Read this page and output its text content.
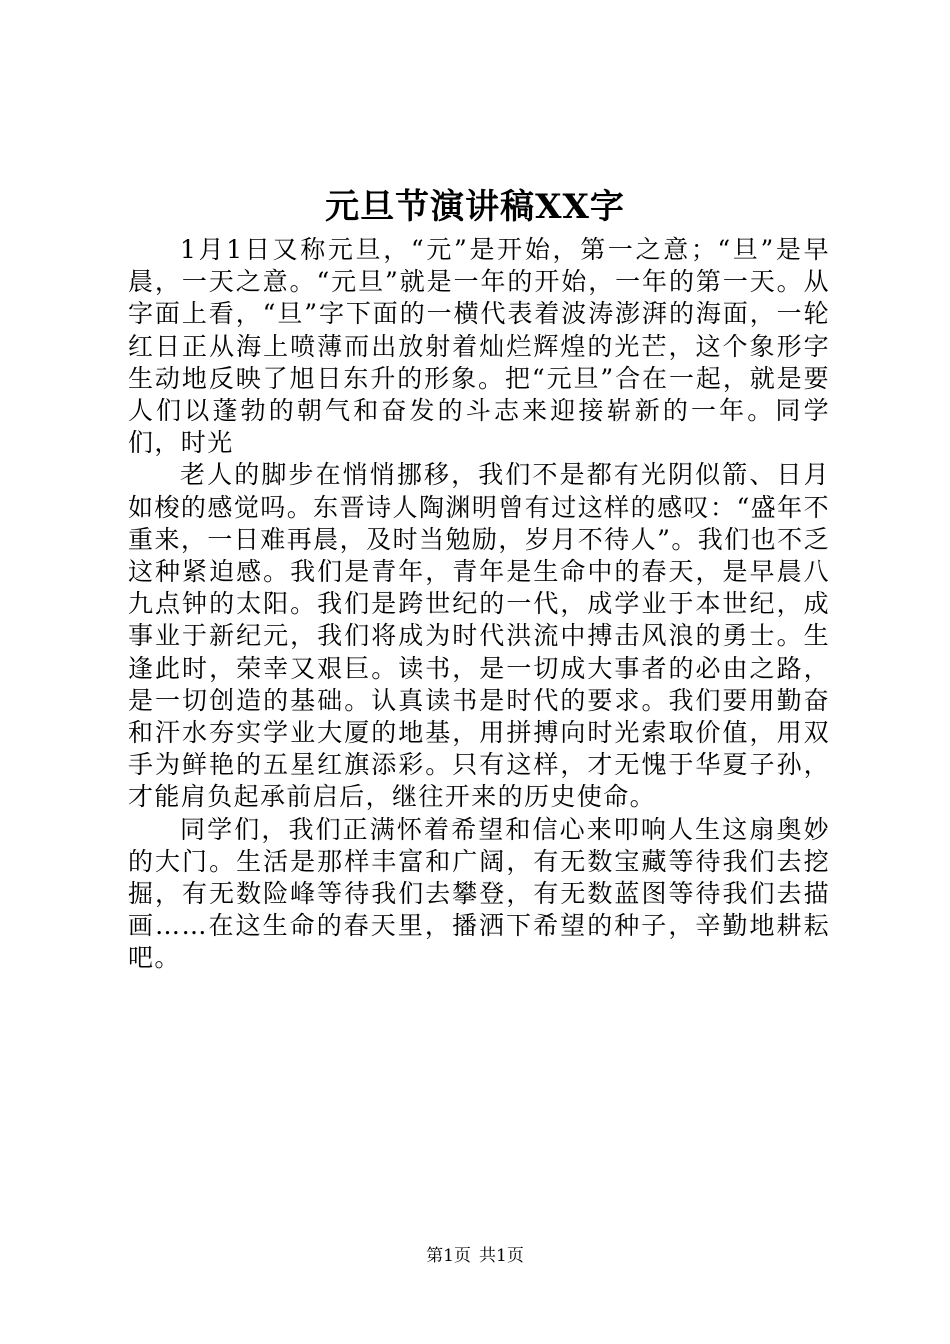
元旦节演讲稿XX字

1月1日又称元旦，“元”是开始，第一之意；“旦”是早晨，一天之意。“元旦”就是一年的开始，一年的第一天。从字面上看，“旦”字下面的一横代表着波涛澎湃的海面，一轮红日正从海上喷薄而出放射着灿烂辉煌的光芒，这个象形字生动地反映了旭日东升的形象。把“元旦”合在一起，就是要人们以蓬勃的朝气和奋发的斗志来迎接崭新的一年。同学们，时光

老人的脚步在悄悄挪移，我们不是都有光阴似箭、日月如梭的感觉吗。东晋诗人陶渊明曾有过这样的感叹：“盛年不重来，一日难再晨，及时当勉励，岁月不待人”。我们也不乏这种紧迫感。我们是青年，青年是生命中的春天，是早晨八九点钟的太阳。我们是跨世纪的一代，成学业于本世纪，成事业于新纪元，我们将成为时代洪流中搏击风浪的勇士。生逢此时，荣幸又艰巨。读书，是一切成大事者的必由之路，是一切创造的基础。认真读书是时代的要求。我们要用勤奋和汗水夯实学业大厦的地基，用拼搏向时光索取价值，用双手为鲜艳的五星红旗添彩。只有这样，才无愧于华夏子孙，才能肩负起承前启后，继往开来的历史使命。

同学们，我们正满怀着希望和信心来叩响人生这扇奥妙的大门。生活是那样丰富和广阔，有无数宝藏等待我们去挖掘，有无数险峰等待我们去攀登，有无数蓝图等待我们去描画……在这生命的春天里，播洒下希望的种子，辛勤地耕耘吧。

第1页 共1页
